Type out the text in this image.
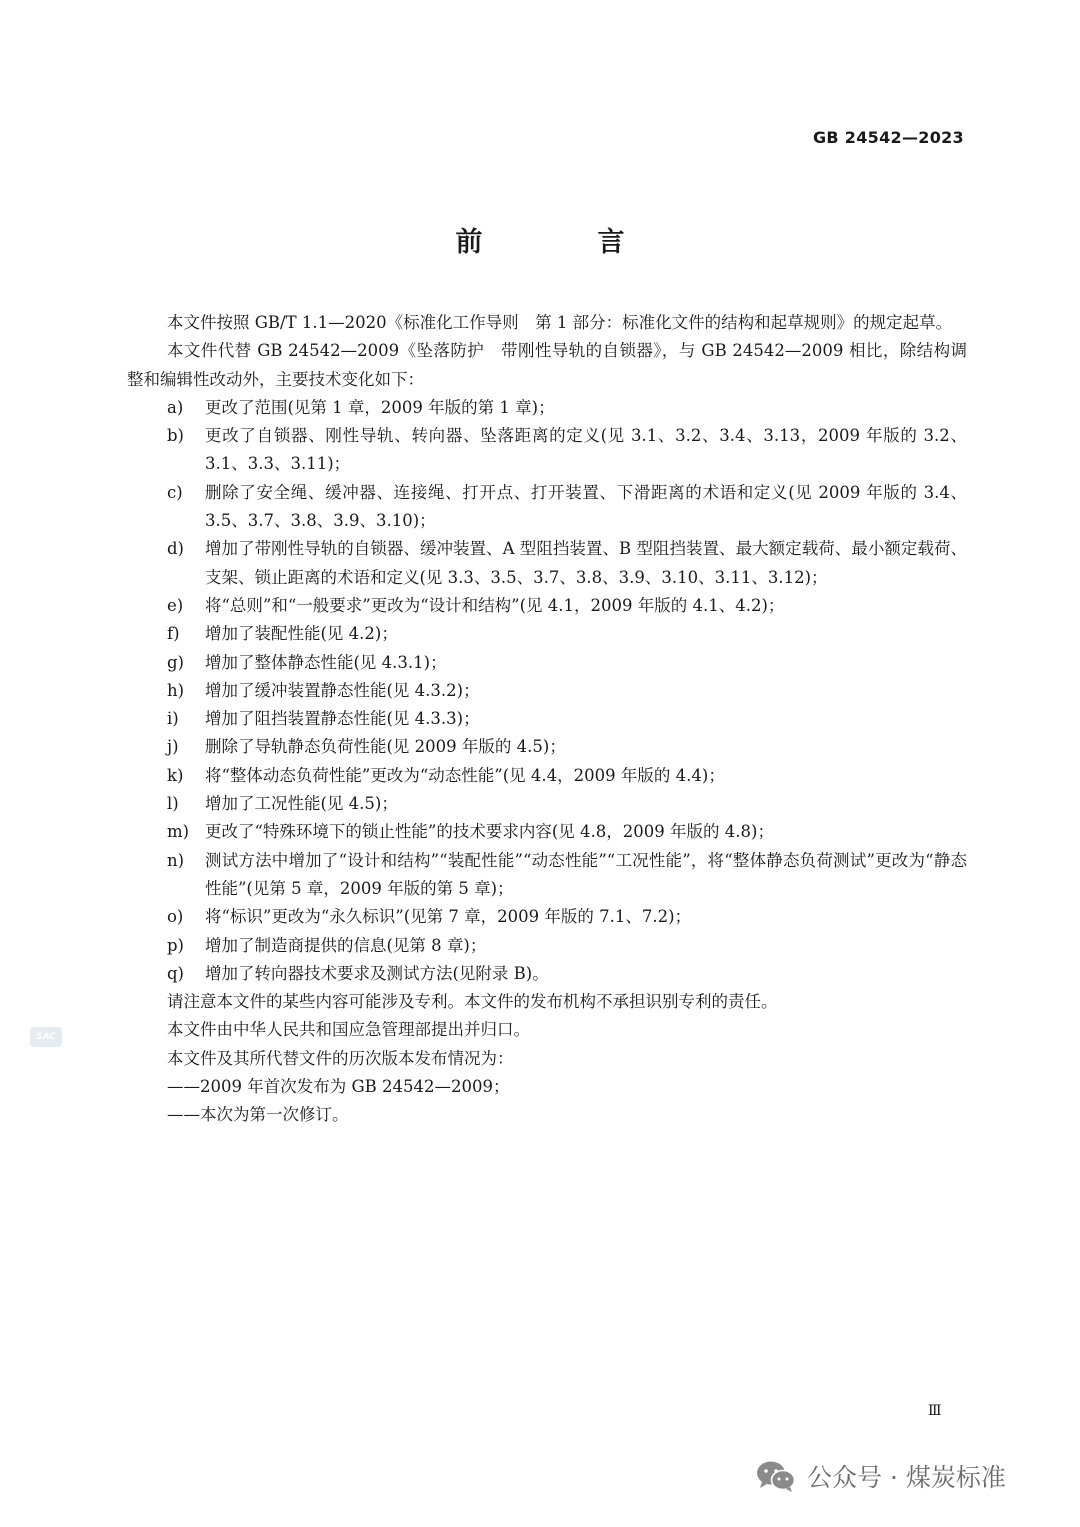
GB 24542—2023
前　言

本文件按照 GB/T 1.1—2020《标准化工作导则　第 1 部分：标准化文件的结构和起草规则》的规定起草。

本文件代替 GB 24542—2009《坠落防护　带刚性导轨的自锁器》，与 GB 24542—2009 相比，除结构调整和编辑性改动外，主要技术变化如下：

a) 更改了范围(见第 1 章，2009 年版的第 1 章)；

b) 更改了自锁器、刚性导轨、转向器、坠落距离的定义(见 3.1、3.2、3.4、3.13，2009 年版的 3.2、3.1、3.3、3.11)；

c) 删除了安全绳、缓冲器、连接绳、打开点、打开装置、下滑距离的术语和定义(见 2009 年版的 3.4、3.5、3.7、3.8、3.9、3.10)；

d) 增加了带刚性导轨的自锁器、缓冲装置、A 型阻挡装置、B 型阻挡装置、最大额定载荷、最小额定载荷、支架、锁止距离的术语和定义(见 3.3、3.5、3.7、3.8、3.9、3.10、3.11、3.12)；

e) 将“总则”和“一般要求”更改为“设计和结构”(见 4.1，2009 年版的 4.1、4.2)；

f) 增加了装配性能(见 4.2)；

g) 增加了整体静态性能(见 4.3.1)；

h) 增加了缓冲装置静态性能(见 4.3.2)；

i) 增加了阻挡装置静态性能(见 4.3.3)；

j) 删除了导轨静态负荷性能(见 2009 年版的 4.5)；

k) 将“整体动态负荷性能”更改为“动态性能”(见 4.4，2009 年版的 4.4)；

l) 增加了工况性能(见 4.5)；

m) 更改了“特殊环境下的锁止性能”的技术要求内容(见 4.8，2009 年版的 4.8)；

n) 测试方法中增加了“设计和结构”“装配性能”“动态性能”“工况性能”，将“整体静态负荷测试”更改为“静态性能”(见第 5 章，2009 年版的第 5 章)；

o) 将“标识”更改为“永久标识”(见第 7 章，2009 年版的 7.1、7.2)；

p) 增加了制造商提供的信息(见第 8 章)；

q) 增加了转向器技术要求及测试方法(见附录 B)。

请注意本文件的某些内容可能涉及专利。本文件的发布机构不承担识别专利的责任。

本文件由中华人民共和国应急管理部提出并归口。

本文件及其所代替文件的历次版本发布情况为：

——2009 年首次发布为 GB 24542—2009；

——本次为第一次修订。

SAC
Ⅲ
公众号 · 煤炭标准
